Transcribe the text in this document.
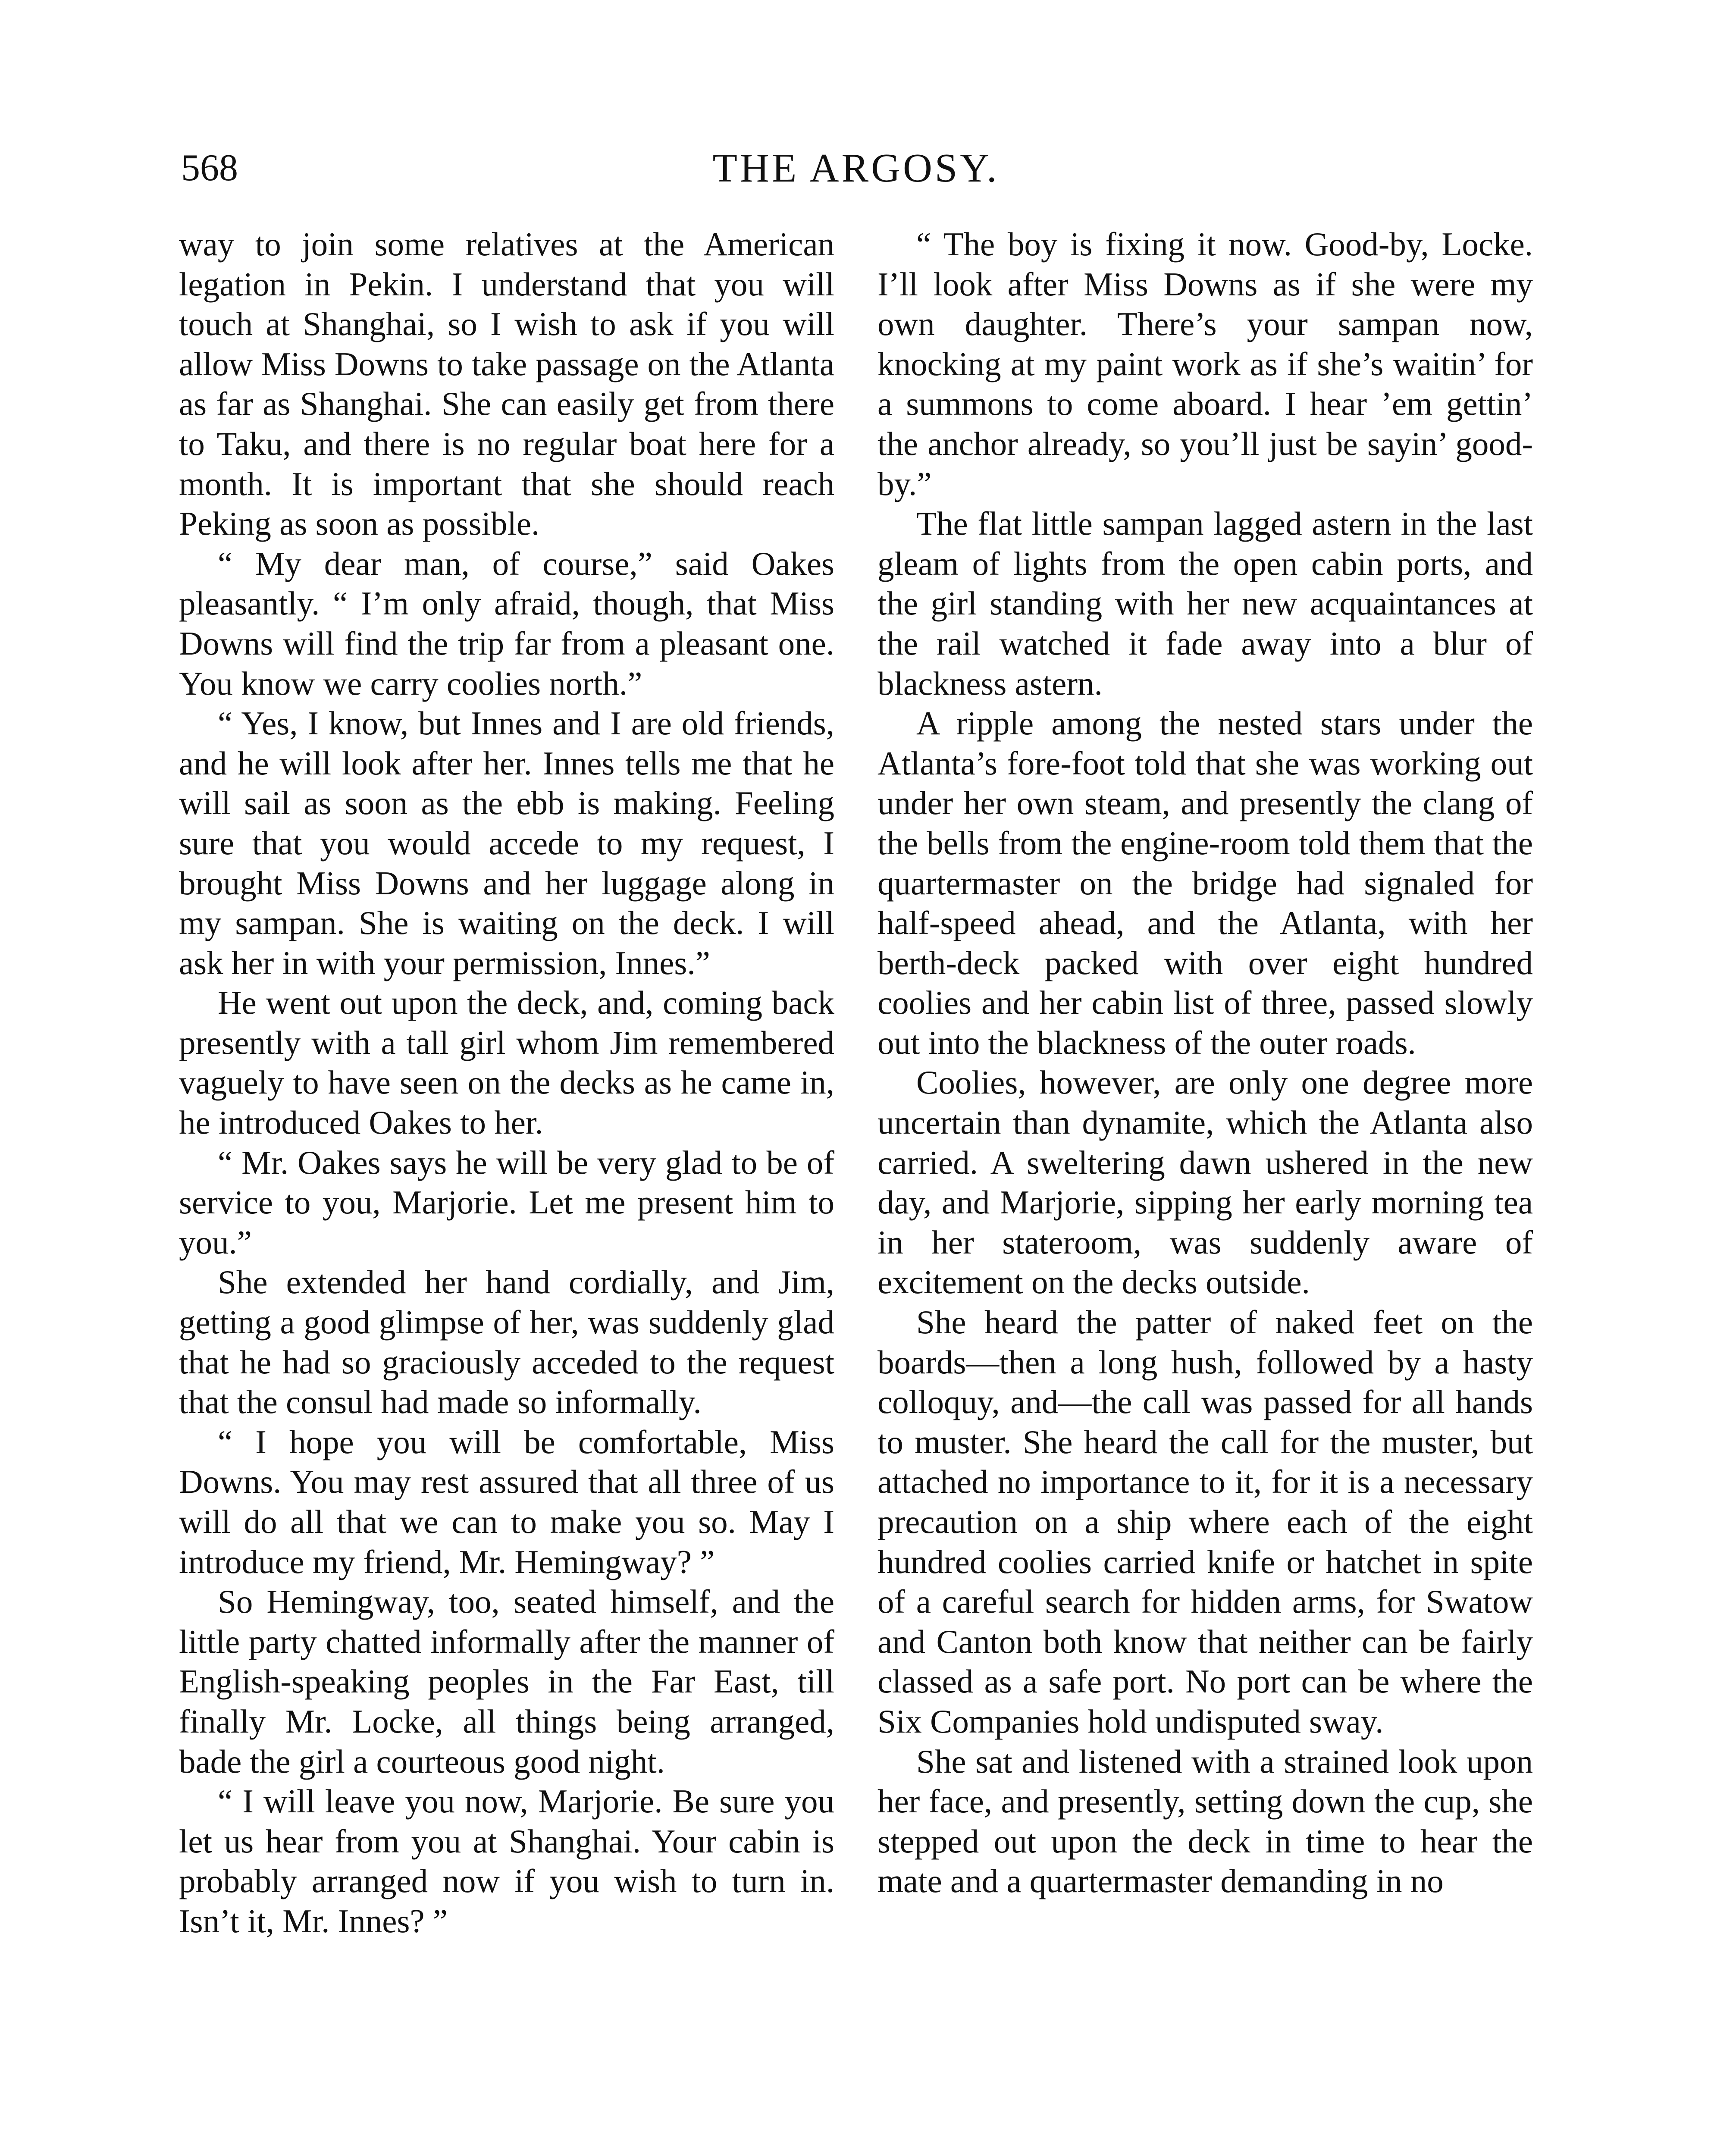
568	THE ARGOSY.

way to join some relatives at the American legation in Pekin. I understand that you will touch at Shanghai, so I wish to ask if you will allow Miss Downs to take passage on the Atlanta as far as Shanghai. She can easily get from there to Taku, and there is no regular boat here for a month. It is important that she should reach Peking as soon as possible.

“ My dear man, of course,” said Oakes pleasantly. “ I’m only afraid, though, that Miss Downs will find the trip far from a pleasant one. You know we carry coolies north.”

“ Yes, I know, but Innes and I are old friends, and he will look after her. Innes tells me that he will sail as soon as the ebb is making. Feeling sure that you would accede to my request, I brought Miss Downs and her luggage along in my sampan. She is waiting on the deck. I will ask her in with your permission, Innes.”

He went out upon the deck, and, coming back presently with a tall girl whom Jim remembered vaguely to have seen on the decks as he came in, he introduced Oakes to her.

“ Mr. Oakes says he will be very glad to be of service to you, Marjorie. Let me present him to you.”

She extended her hand cordially, and Jim, getting a good glimpse of her, was suddenly glad that he had so graciously acceded to the request that the consul had made so informally.

“ I hope you will be comfortable, Miss Downs. You may rest assured that all three of us will do all that we can to make you so. May I introduce my friend, Mr. Hemingway? ”

So Hemingway, too, seated himself, and the little party chatted informally after the manner of English-speaking peoples in the Far East, till finally Mr. Locke, all things being arranged, bade the girl a courteous good night.

“ I will leave you now, Marjorie. Be sure you let us hear from you at Shanghai. Your cabin is probably arranged now if you wish to turn in. Isn’t it, Mr. Innes? ”

“ The boy is fixing it now. Good-by, Locke. I’ll look after Miss Downs as if she were my own daughter. There’s your sampan now, knocking at my paint work as if she’s waitin’ for a summons to come aboard. I hear ’em gettin’ the anchor already, so you’ll just be sayin’ good-by.”

The flat little sampan lagged astern in the last gleam of lights from the open cabin ports, and the girl standing with her new acquaintances at the rail watched it fade away into a blur of blackness astern.

A ripple among the nested stars under the Atlanta’s fore-foot told that she was working out under her own steam, and presently the clang of the bells from the engine-room told them that the quartermaster on the bridge had signaled for half-speed ahead, and the Atlanta, with her berth-deck packed with over eight hundred coolies and her cabin list of three, passed slowly out into the blackness of the outer roads.

Coolies, however, are only one degree more uncertain than dynamite, which the Atlanta also carried. A sweltering dawn ushered in the new day, and Marjorie, sipping her early morning tea in her stateroom, was suddenly aware of excitement on the decks outside.

She heard the patter of naked feet on the boards—then a long hush, followed by a hasty colloquy, and—the call was passed for all hands to muster. She heard the call for the muster, but attached no importance to it, for it is a necessary precaution on a ship where each of the eight hundred coolies carried knife or hatchet in spite of a careful search for hidden arms, for Swatow and Canton both know that neither can be fairly classed as a safe port. No port can be where the Six Companies hold undisputed sway.

She sat and listened with a strained look upon her face, and presently, setting down the cup, she stepped out upon the deck in time to hear the mate and a quartermaster demanding in no
